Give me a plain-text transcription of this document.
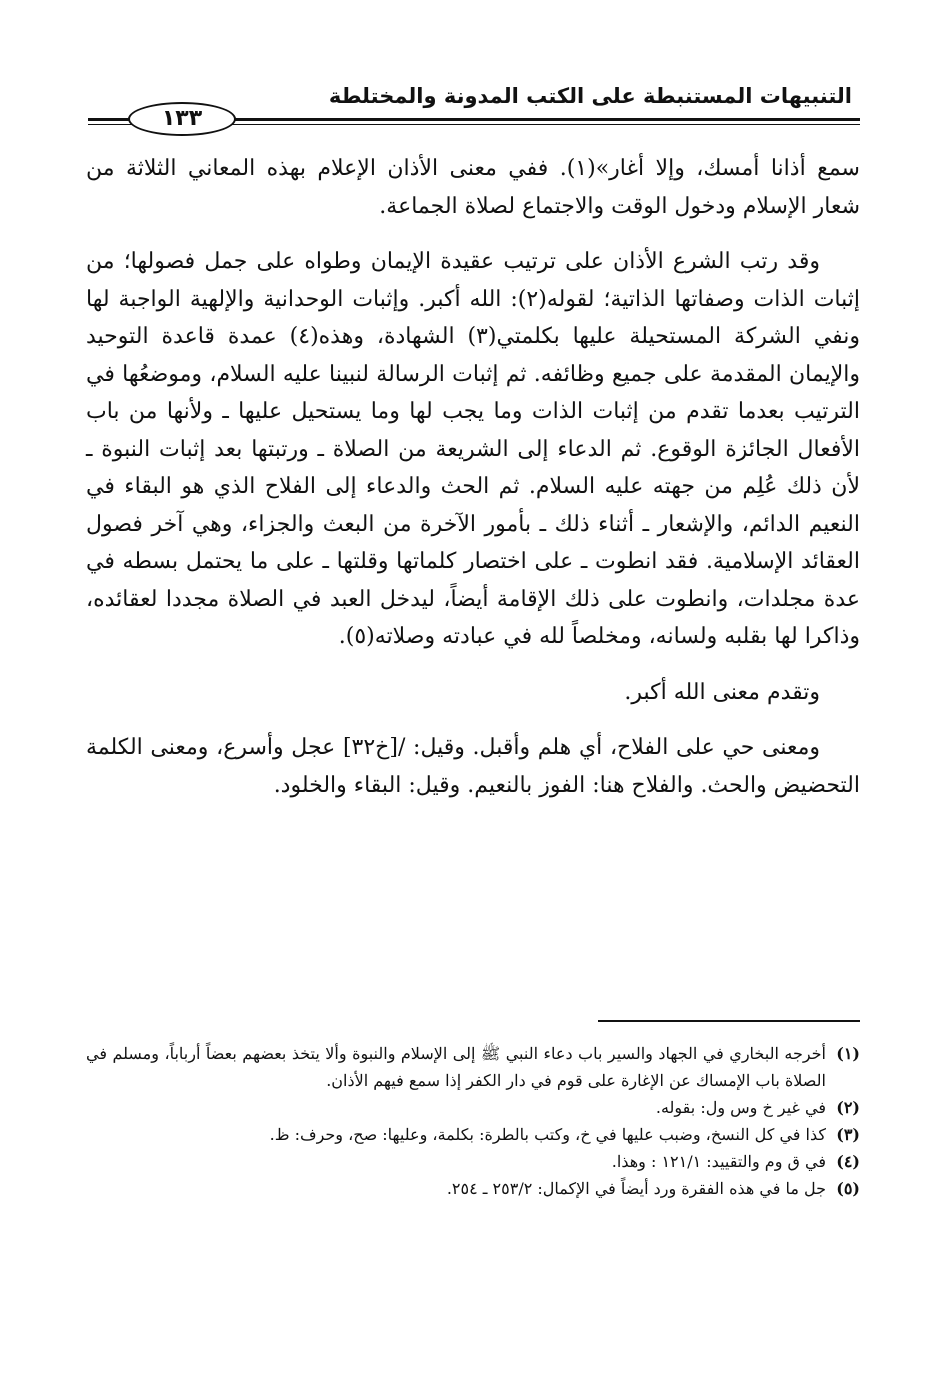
التنبيهات المستنبطة على الكتب المدونة والمختلطة
١٣٣

سمع أذانا أمسك، وإلا أغار»(١). ففي معنى الأذان الإعلام بهذه المعاني الثلاثة من شعار الإسلام ودخول الوقت والاجتماع لصلاة الجماعة.

وقد رتب الشرع الأذان على ترتيب عقيدة الإيمان وطواه على جمل فصولها؛ من إثبات الذات وصفاتها الذاتية؛ لقوله(٢): الله أكبر. وإثبات الوحدانية والإلهية الواجبة لها ونفي الشركة المستحيلة عليها بكلمتي(٣) الشهادة، وهذه(٤) عمدة قاعدة التوحيد والإيمان المقدمة على جميع وظائفه. ثم إثبات الرسالة لنبينا عليه السلام، وموضعُها في الترتيب بعدما تقدم من إثبات الذات وما يجب لها وما يستحيل عليها ـ ولأنها من باب الأفعال الجائزة الوقوع. ثم الدعاء إلى الشريعة من الصلاة ـ ورتبتها بعد إثبات النبوة ـ لأن ذلك عُلِم من جهته عليه السلام. ثم الحث والدعاء إلى الفلاح الذي هو البقاء في النعيم الدائم، والإشعار ـ أثناء ذلك ـ بأمور الآخرة من البعث والجزاء، وهي آخر فصول العقائد الإسلامية. فقد انطوت ـ على اختصار كلماتها وقلتها ـ على ما يحتمل بسطه في عدة مجلدات، وانطوت على ذلك الإقامة أيضاً، ليدخل العبد في الصلاة مجددا لعقائده، وذاكرا لها بقلبه ولسانه، ومخلصاً لله في عبادته وصلاته(٥).

وتقدم معنى الله أكبر.

ومعنى حي على الفلاح، أي هلم وأقبل. وقيل: /[خ٣٢] عجل وأسرع، ومعنى الكلمة التحضيض والحث. والفلاح هنا: الفوز بالنعيم. وقيل: البقاء والخلود.

(١)
أخرجه البخاري في الجهاد والسير باب دعاء النبي ﷺ إلى الإسلام والنبوة وألا يتخذ بعضهم بعضاً أرباباً، ومسلم في الصلاة باب الإمساك عن الإغارة على قوم في دار الكفر إذا سمع فيهم الأذان.
(٢)
في غير خ وس ول: بقوله.
(٣)
كذا في كل النسخ، وضبب عليها في خ، وكتب بالطرة: بكلمة، وعليها: صح، وحرف: ظ.
(٤)
في ق وم والتقييد: ١٢١/١ : وهذا.
(٥)
جل ما في هذه الفقرة ورد أيضاً في الإكمال: ٢٥٣/٢ ـ ٢٥٤.
